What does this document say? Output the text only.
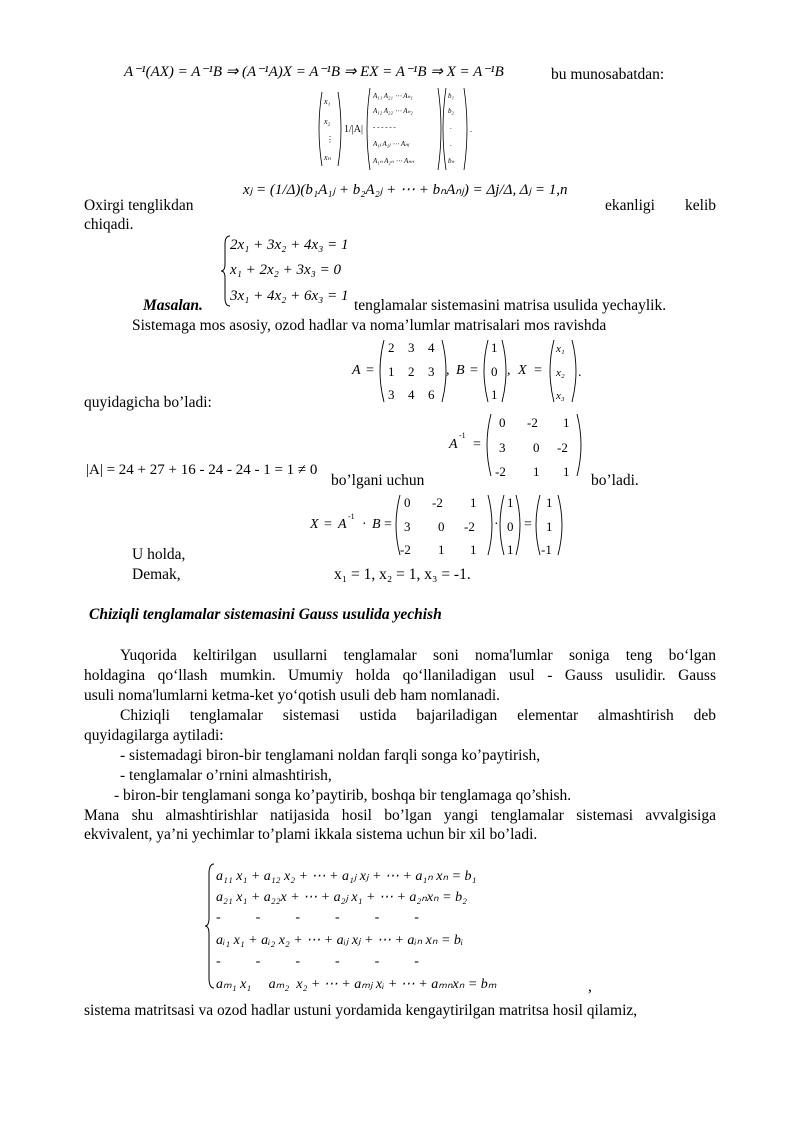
A⁻¹(AX) = A⁻¹B ⇒ (A⁻¹A)X = A⁻¹B ⇒ EX = A⁻¹B ⇒ X = A⁻¹B	bu munosabatdan:
x₁
x₂
⋮
xₙ
1/|A|
A₁₁ A₂₁ ⋯ Aₙ₁
A₁₂ A₂₂ ⋯ Aₙ₂
- - - - - -
A₁ⱼ A₂ⱼ ⋯ Aₙⱼ
A₁ₙ A₂ₙ ⋯ Aₙₙ
b₁
b₂
.
.
bₙ
.
Oxirgi tenglikdan
xⱼ = (1/Δ)(b₁A₁ⱼ + b₂A₂ⱼ + ⋯ + bₙAₙⱼ) = Δj/Δ, Δⱼ = 1,n
ekanligi kelib
chiqadi.
2x₁ + 3x₂ + 4x₃ = 1
x₁ + 2x₂ + 3x₃ = 0
3x₁ + 4x₂ + 6x₃ = 1
Masalan.	tenglamalar sistemasini matrisa usulida yechaylik.
Sistemaga mos asosiy, ozod hadlar va noma’lumlar matrisalari mos ravishda
A =
2 3 4
1 2 3
3 4 6
, B =
1
0
1
, X =
x₁
x₂
x₃
.
quyidagicha bo’ladi:
A
-1
=
0 -2 1
3 0 -2
-2 1 1
|A| = 24 + 27 + 16 - 24 - 24 - 1 = 1 ≠ 0
bo’lgani uchun	bo’ladi.
X = A
-1
· B =
0 -2 1
3 0 -2
-2 1 1
·
1
0
1
=
1
1
-1
U holda,
Demak,	x₁ = 1, x₂ = 1, x₃ = -1.
Chiziqli tenglamalar sistemasini Gauss usulida yechish
Yuqorida keltirilgan usullarni tenglamalar soni noma'lumlar soniga teng bo‘lgan
holdagina qo‘llash mumkin. Umumiy holda qo‘llaniladigan usul - Gauss usulidir. Gauss
usuli noma'lumlarni ketma-ket yo‘qotish usuli deb ham nomlanadi.
Chiziqli tenglamalar sistemasi ustida bajariladigan elementar almashtirish deb
quyidagilarga aytiladi:
- sistemadagi biron-bir tenglamani noldan farqli songa ko’paytirish,
- tenglamalar o’rnini almashtirish,
- biron-bir tenglamani songa ko’paytirib, boshqa bir tenglamaga qo’shish.
Mana shu almashtirishlar natijasida hosil bo’lgan yangi tenglamalar sistemasi avvalgisiga
ekvivalent, ya’ni yechimlar to’plami ikkala sistema uchun bir xil bo’ladi.
a₁₁ x₁ + a₁₂ x₂ + ⋯ + a₁ⱼ xⱼ + ⋯ + a₁ₙ xₙ = b₁
a₂₁ x₁ + a₂₂x + ⋯ + a₂ⱼ x₁ + ⋯ + a₂ₙxₙ = b₂
-          -          -          -          -          -
aᵢ₁ x₁ + aᵢ₂ x₂ + ⋯ + aᵢⱼ xⱼ + ⋯ + aᵢₙ xₙ = bᵢ
-          -          -          -          -          -
aₘ₁ x₁     aₘ₂  x₂ + ⋯ + aₘⱼ xᵢ + ⋯ + aₘₙxₙ = bₘ	,
sistema matritsasi va ozod hadlar ustuni yordamida kengaytirilgan matritsa hosil qilamiz,
